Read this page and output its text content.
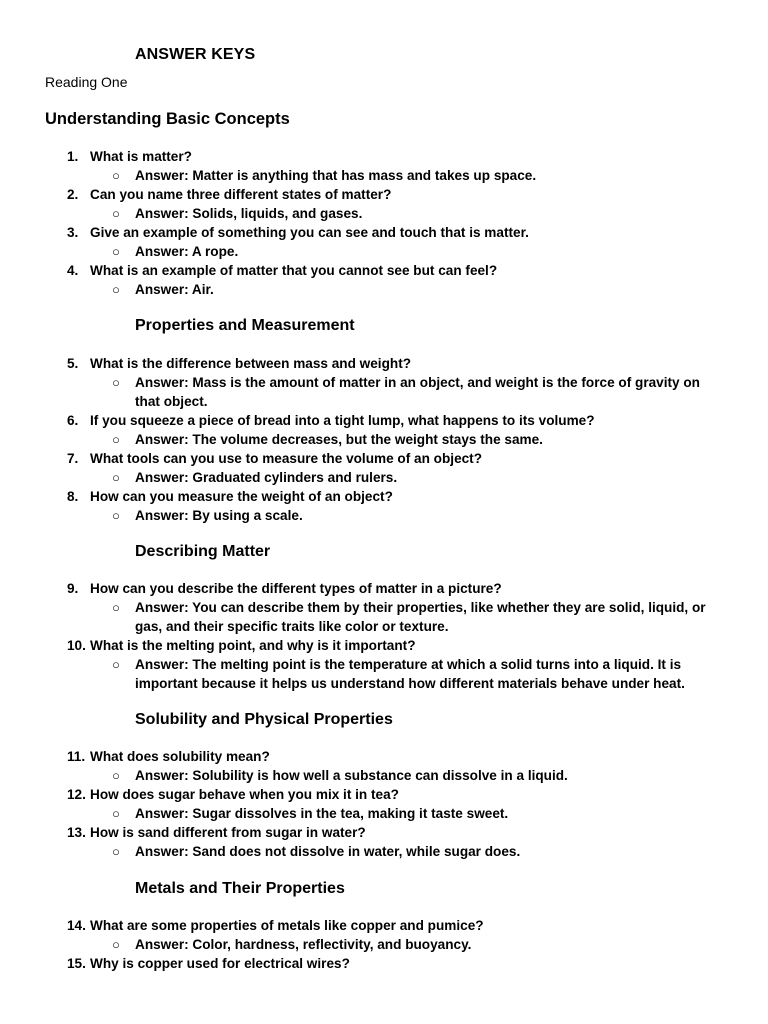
ANSWER KEYS
Reading One
Understanding Basic Concepts
1. What is matter?
○ Answer: Matter is anything that has mass and takes up space.
2. Can you name three different states of matter?
○ Answer: Solids, liquids, and gases.
3. Give an example of something you can see and touch that is matter.
○ Answer: A rope.
4. What is an example of matter that you cannot see but can feel?
○ Answer: Air.
Properties and Measurement
5. What is the difference between mass and weight?
○ Answer: Mass is the amount of matter in an object, and weight is the force of gravity on that object.
6. If you squeeze a piece of bread into a tight lump, what happens to its volume?
○ Answer: The volume decreases, but the weight stays the same.
7. What tools can you use to measure the volume of an object?
○ Answer: Graduated cylinders and rulers.
8. How can you measure the weight of an object?
○ Answer: By using a scale.
Describing Matter
9. How can you describe the different types of matter in a picture?
○ Answer: You can describe them by their properties, like whether they are solid, liquid, or gas, and their specific traits like color or texture.
10. What is the melting point, and why is it important?
○ Answer: The melting point is the temperature at which a solid turns into a liquid. It is important because it helps us understand how different materials behave under heat.
Solubility and Physical Properties
11. What does solubility mean?
○ Answer: Solubility is how well a substance can dissolve in a liquid.
12. How does sugar behave when you mix it in tea?
○ Answer: Sugar dissolves in the tea, making it taste sweet.
13. How is sand different from sugar in water?
○ Answer: Sand does not dissolve in water, while sugar does.
Metals and Their Properties
14. What are some properties of metals like copper and pumice?
○ Answer: Color, hardness, reflectivity, and buoyancy.
15. Why is copper used for electrical wires?
